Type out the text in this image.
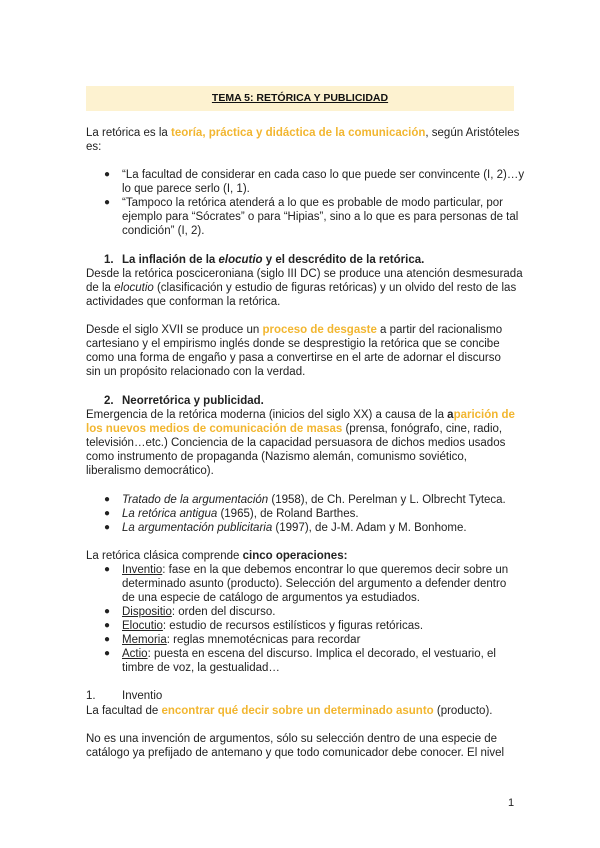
TEMA 5: RETÓRICA Y PUBLICIDAD
La retórica es la teoría, práctica y didáctica de la comunicación, según Aristóteles
es:
● “La facultad de considerar en cada caso lo que puede ser convincente (I, 2)…y
lo que parece serlo (I, 1).
● “Tampoco la retórica atenderá a lo que es probable de modo particular, por
ejemplo para “Sócrates” o para “Hipias”, sino a lo que es para personas de tal
condición” (I, 2).
1. La inflación de la elocutio y el descrédito de la retórica.
Desde la retórica posciceroniana (siglo III DC) se produce una atención desmesurada
de la elocutio (clasificación y estudio de figuras retóricas) y un olvido del resto de las
actividades que conforman la retórica.
Desde el siglo XVII se produce un proceso de desgaste a partir del racionalismo
cartesiano y el empirismo inglés donde se desprestigio la retórica que se concibe
como una forma de engaño y pasa a convertirse en el arte de adornar el discurso
sin un propósito relacionado con la verdad.
2. Neorretórica y publicidad.
Emergencia de la retórica moderna (inicios del siglo XX) a causa de la aparición de
los nuevos medios de comunicación de masas (prensa, fonógrafo, cine, radio,
televisión…etc.) Conciencia de la capacidad persuasora de dichos medios usados
como instrumento de propaganda (Nazismo alemán, comunismo soviético,
liberalismo democrático).
● Tratado de la argumentación (1958), de Ch. Perelman y L. Olbrecht Tyteca.
● La retórica antigua (1965), de Roland Barthes.
● La argumentación publicitaria (1997), de J-M. Adam y M. Bonhome.
La retórica clásica comprende cinco operaciones:
● Inventio: fase en la que debemos encontrar lo que queremos decir sobre un
determinado asunto (producto). Selección del argumento a defender dentro
de una especie de catálogo de argumentos ya estudiados.
● Dispositio: orden del discurso.
● Elocutio: estudio de recursos estilísticos y figuras retóricas.
● Memoria: reglas mnemotécnicas para recordar
● Actio: puesta en escena del discurso. Implica el decorado, el vestuario, el
timbre de voz, la gestualidad…
1. Inventio
La facultad de encontrar qué decir sobre un determinado asunto (producto).
No es una invención de argumentos, sólo su selección dentro de una especie de
catálogo ya prefijado de antemano y que todo comunicador debe conocer. El nivel
1
